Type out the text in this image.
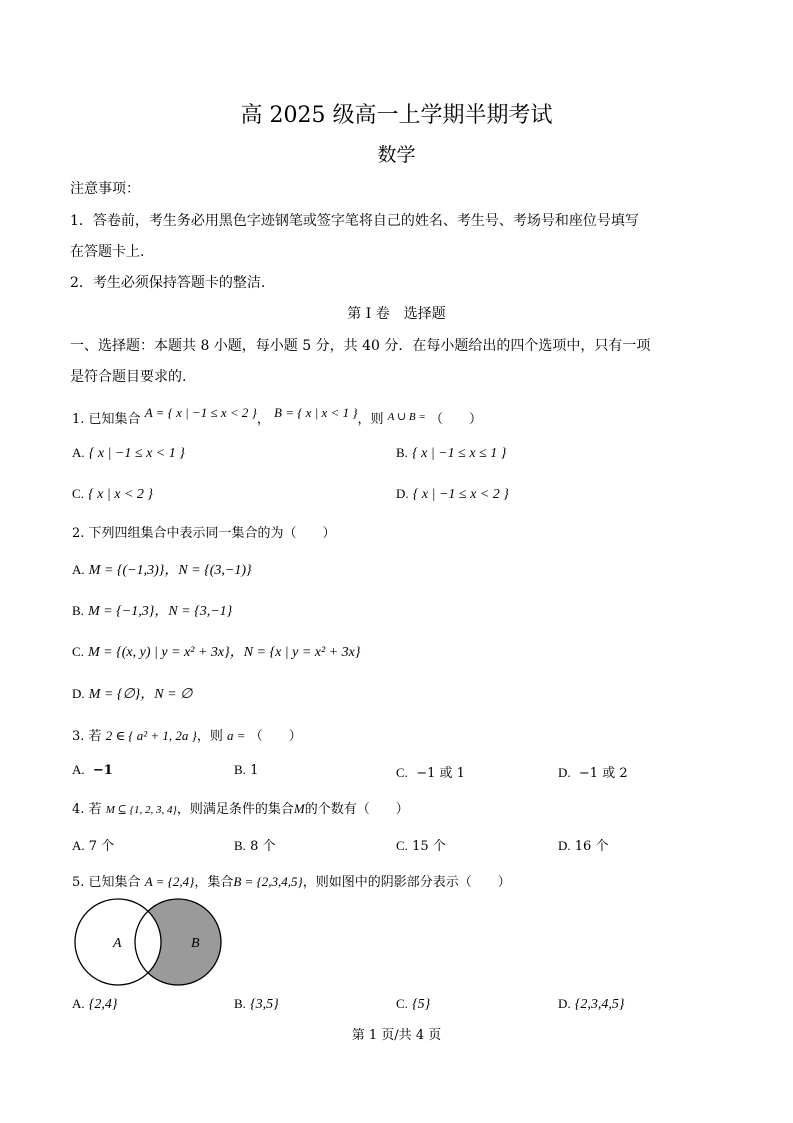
高 2025 级高一上学期半期考试
数学
注意事项：
1．答卷前，考生务必用黑色字迹钢笔或签字笔将自己的姓名、考生号、考场号和座位号填写
在答题卡上.
2．考生必须保持答题卡的整洁.
第 I 卷　选择题
一、选择题：本题共 8 小题，每小题 5 分，共 40 分．在每小题给出的四个选项中，只有一项
是符合题目要求的.
1. 已知集合 A = { x | −1 ≤ x < 2 }， B = { x | x < 1 }，则 $^{A \cup B =}$ （　　）
A. { x | −1 ≤ x < 1 }	B. { x | −1 ≤ x ≤ 1 }
C. { x | x < 2 }	D. { x | −1 ≤ x < 2 }
2. 下列四组集合中表示同一集合的为（　　）
A. M = {(−1,3)}，N = {(3,−1)}
B. M = {−1,3}，N = {3,−1}
C. M = {(x, y) | y = x² + 3x}，N = {x | y = x² + 3x}
D. M = {∅}，N = ∅
3. 若 2 ∈ { a² + 1, 2a }，则 a = （　　）
A. −1	B. 1	C. −1 或 1	D. −1 或 2
4. 若 M ⊆ {1, 2, 3, 4}，则满足条件的集合M的个数有（　　）
A. 7 个	B. 8 个	C. 15 个	D. 16 个
5. 已知集合 A = {2,4}，集合B = {2,3,4,5}，则如图中的阴影部分表示（　　）
A	B
A. {2,4}	B. {3,5}	C. {5}	D. {2,3,4,5}
第 1 页/共 4 页
